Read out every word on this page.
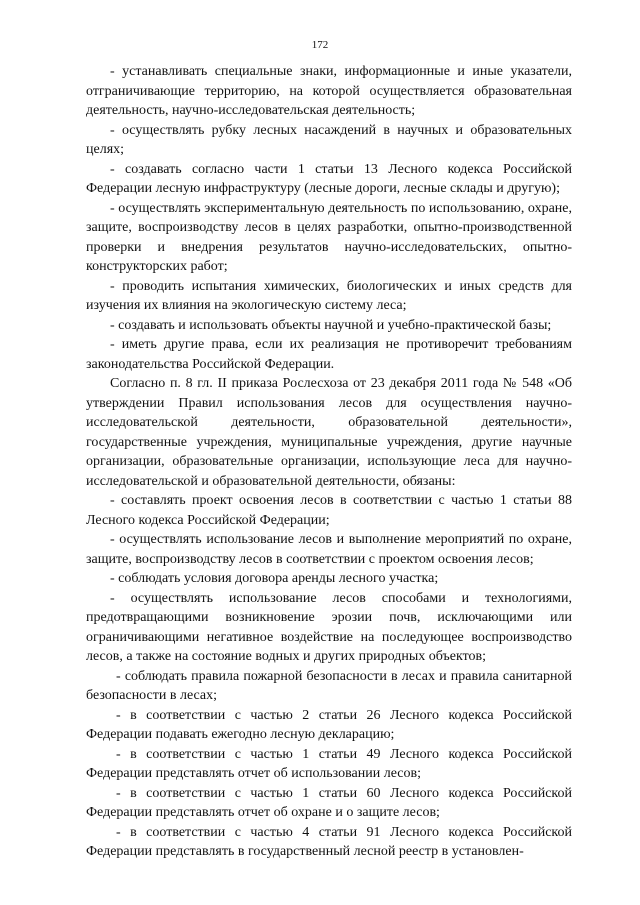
172

- устанавливать специальные знаки, информационные и иные указатели, отграничивающие территорию, на которой осуществляется образовательная деятельность, научно-исследовательская деятельность;

- осуществлять рубку лесных насаждений в научных и образовательных целях;

- создавать согласно части 1 статьи 13 Лесного кодекса Российской Федерации лесную инфраструктуру (лесные дороги, лесные склады и другую);

- осуществлять экспериментальную деятельность по использованию, охране, защите, воспроизводству лесов в целях разработки, опытно-производственной проверки и внедрения результатов научно-исследовательских, опытно-конструкторских работ;

- проводить испытания химических, биологических и иных средств для изучения их влияния на экологическую систему леса;

- создавать и использовать объекты научной и учебно-практической базы;

- иметь другие права, если их реализация не противоречит требованиям законодательства Российской Федерации.

Согласно п. 8 гл. II приказа Рослесхоза от 23 декабря 2011 года № 548 «Об утверждении Правил использования лесов для осуществления научно-исследовательской деятельности, образовательной деятельности», государственные учреждения, муниципальные учреждения, другие научные организации, образовательные организации, использующие леса для научно-исследовательской и образовательной деятельности, обязаны:

- составлять проект освоения лесов в соответствии с частью 1 статьи 88 Лесного кодекса Российской Федерации;

- осуществлять использование лесов и выполнение мероприятий по охране, защите, воспроизводству лесов в соответствии с проектом освоения лесов;

- соблюдать условия договора аренды лесного участка;

- осуществлять использование лесов способами и технологиями, предотвращающими возникновение эрозии почв, исключающими или ограничивающими негативное воздействие на последующее воспроизводство лесов, а также на состояние водных и других природных объектов;

- соблюдать правила пожарной безопасности в лесах и правила санитарной безопасности в лесах;

- в соответствии с частью 2 статьи 26 Лесного кодекса Российской Федерации подавать ежегодно лесную декларацию;

- в соответствии с частью 1 статьи 49 Лесного кодекса Российской Федерации представлять отчет об использовании лесов;

- в соответствии с частью 1 статьи 60 Лесного кодекса Российской Федерации представлять отчет об охране и о защите лесов;

- в соответствии с частью 4 статьи 91 Лесного кодекса Российской Федерации представлять в государственный лесной реестр в установлен-
